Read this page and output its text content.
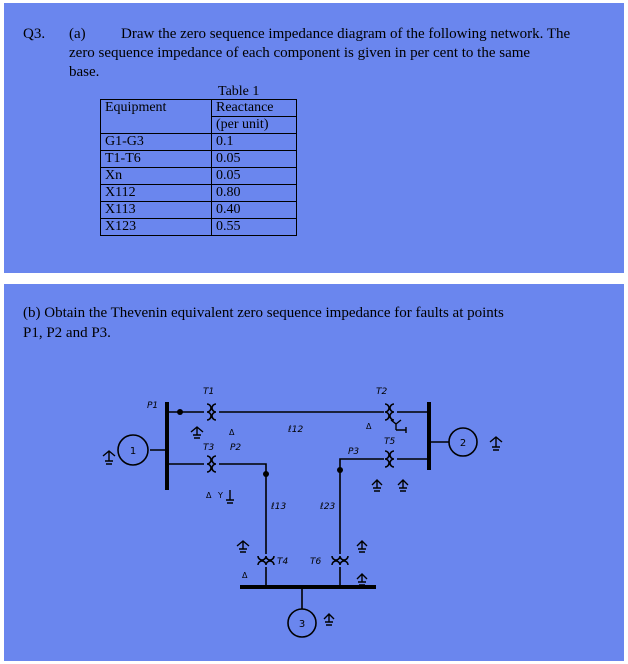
Q3. (a) Draw the zero sequence impedance diagram of the following network. The
zero sequence impedance of each component is given in per cent to the same
base.
Table 1
Equipment	Reactance
	(per unit)
G1-G3	0.1
T1-T6	0.05
Xn	0.05
X112	0.80
X113	0.40
X123	0.55
(b) Obtain the Thevenin equivalent zero sequence impedance for faults at points
P1, P2 and P3.
T1	T2
T3
T4
T5
T6
P1
P2	P3
ℓ12
ℓ13	ℓ23
1
2
3
Δ
Δ
Δ Y
Δ
